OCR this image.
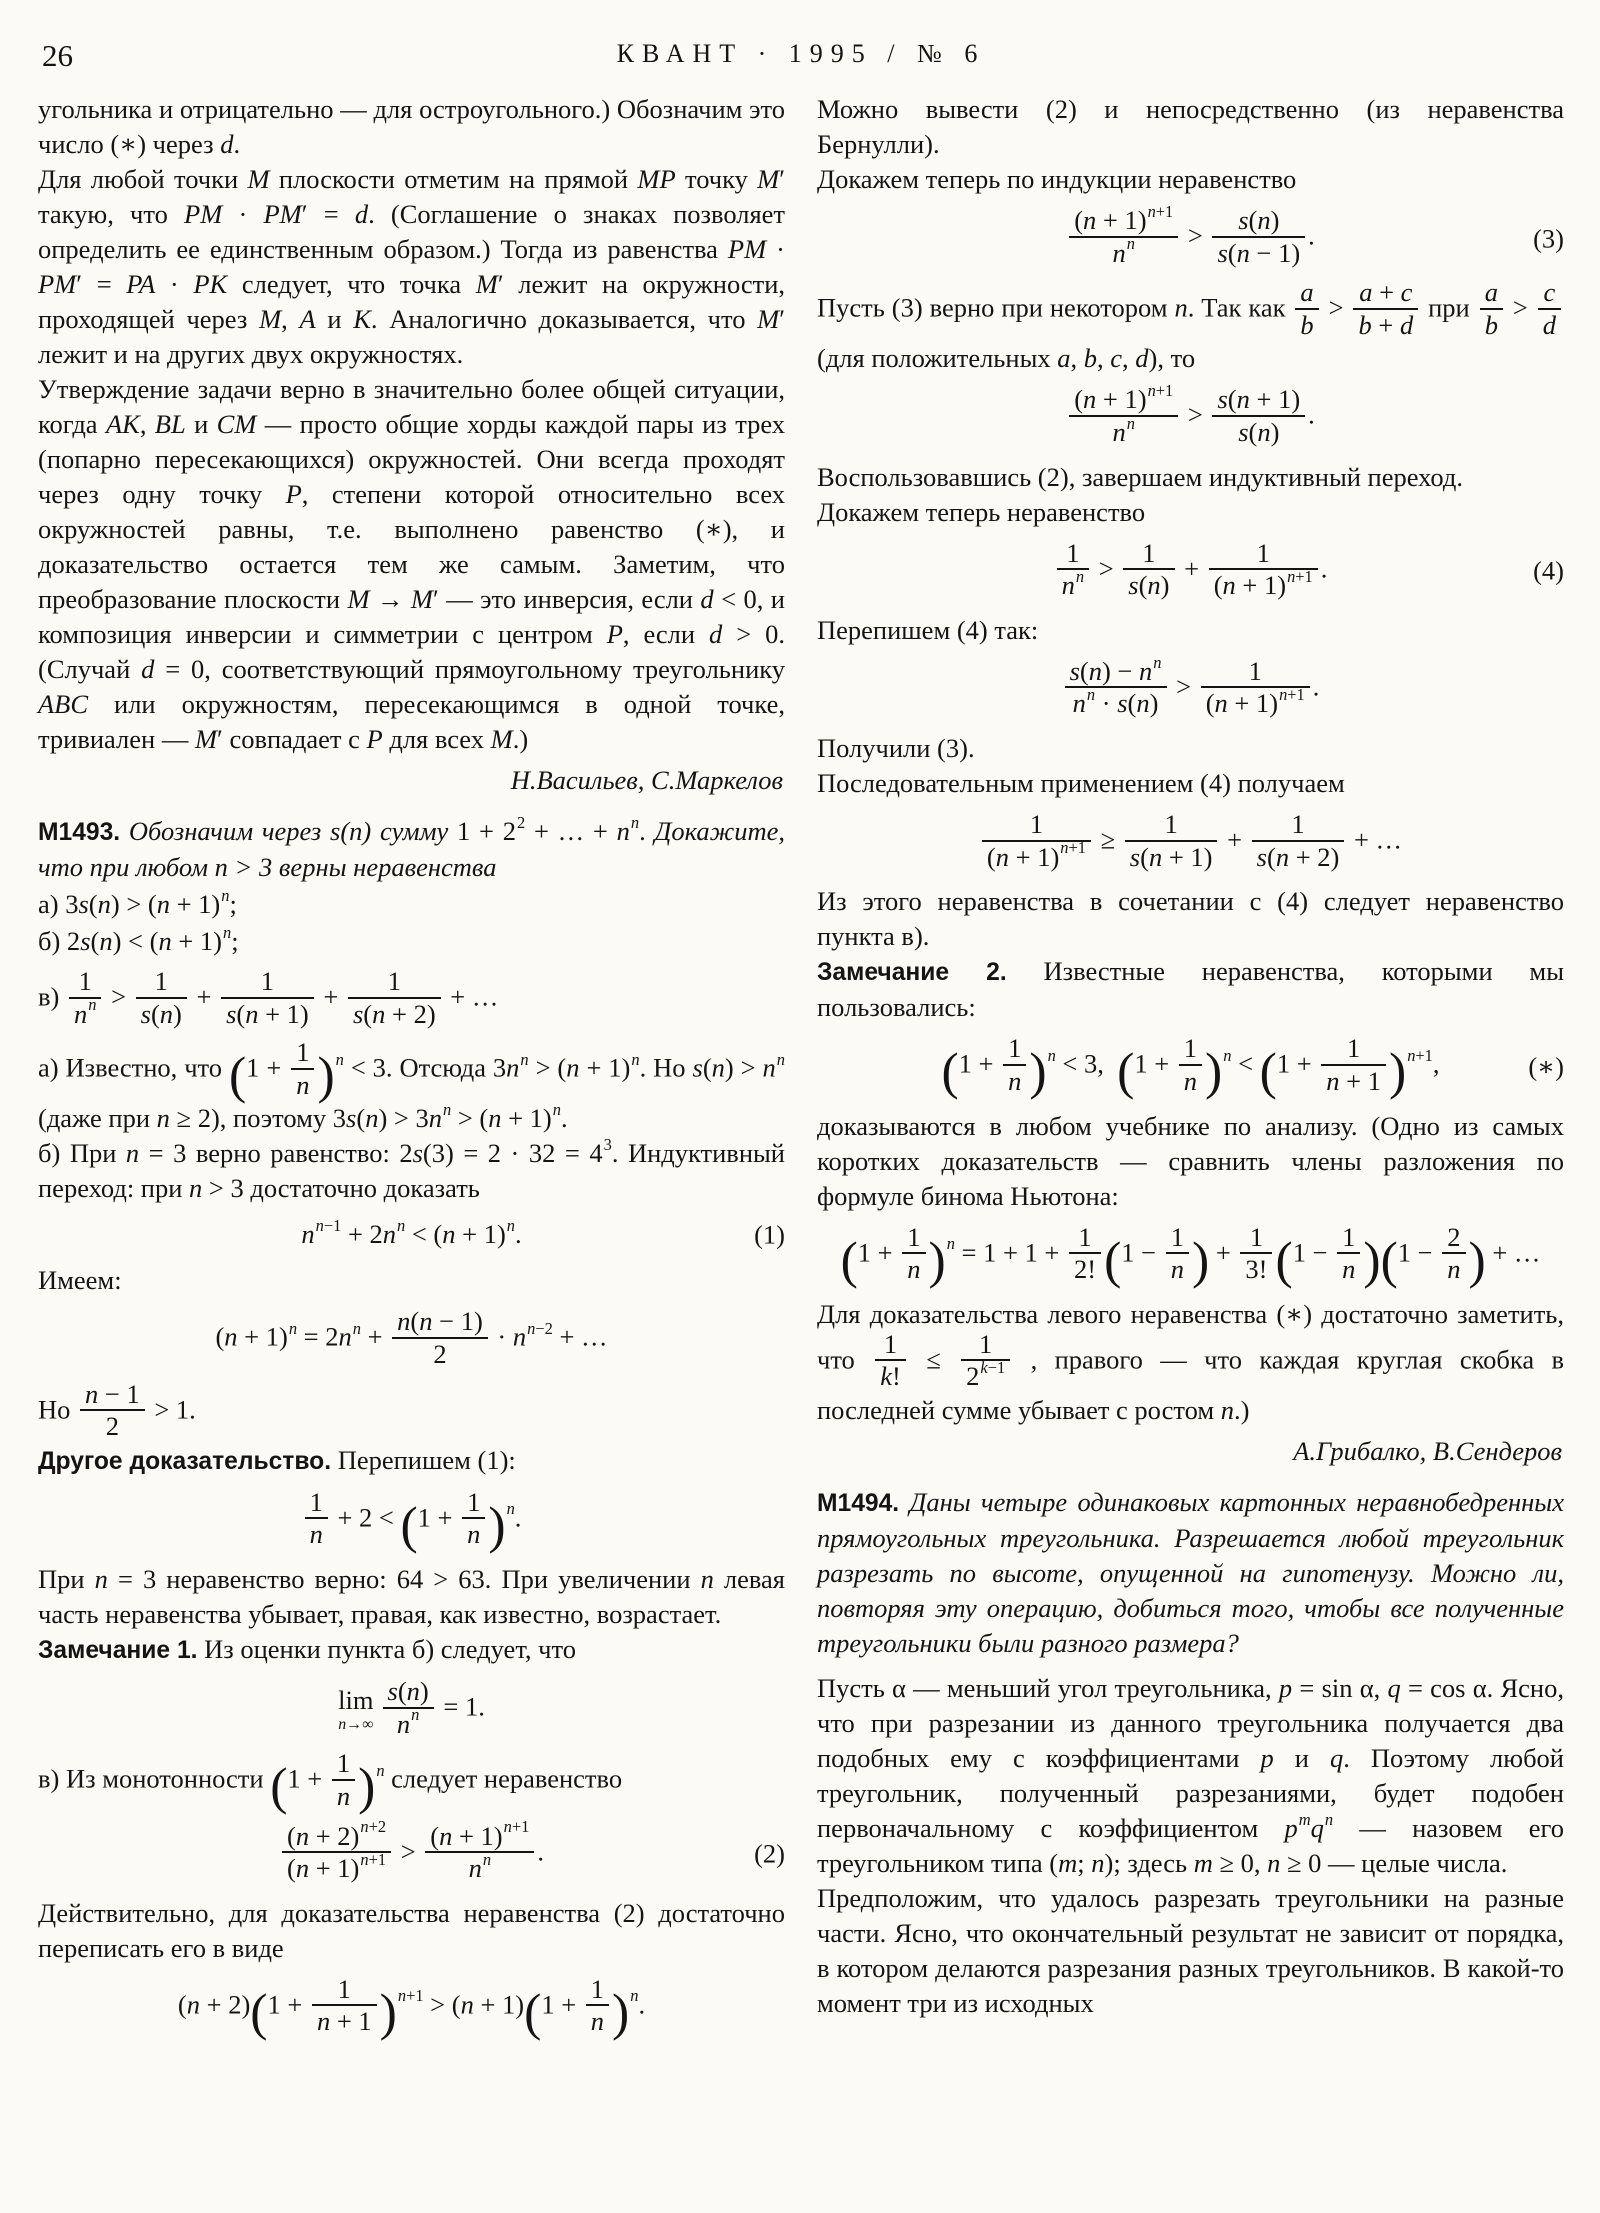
26	КВАНТ · 1995 / № 6

угольника и отрицательно — для остроугольного.) Обозначим это число (∗) через d.

Для любой точки M плоскости отметим на прямой MP точку M′ такую, что PM · PM′ = d. (Соглашение о знаках позволяет определить ее единственным образом.) Тогда из равенства PM · PM′ = PA · PK следует, что точка M′ лежит на окружности, проходящей через M, A и K. Аналогично доказывается, что M′ лежит и на других двух окружностях.

Утверждение задачи верно в значительно более общей ситуации, когда AK, BL и CM — просто общие хорды каждой пары из трех (попарно пересекающихся) окружностей. Они всегда проходят через одну точку P, степени которой относительно всех окружностей равны, т.е. выполнено равенство (∗), и доказательство остается тем же самым. Заметим, что преобразование плоскости M → M′ — это инверсия, если d < 0, и композиция инверсии и симметрии с центром P, если d > 0. (Случай d = 0, соответствующий прямоугольному треугольнику ABC или окружностям, пересекающимся в одной точке, тривиален — M′ совпадает с P для всех M.)

Н.Васильев, С.Маркелов

М1493. Обозначим через s(n) сумму $1 + 2^2$ + … + $n^n$. Докажите, что при любом n > 3 верны неравенства

а) $3s(n) > (n + 1)^n$;

б) $2s(n) < (n + 1)^n$;

$в) \frac{1}{n^n} > \frac{1}{s(n)} + \frac{1}{s(n + 1)} + \frac{1}{s(n + 2)}$ + …

а) Известно, что $(1 + \frac{1}{n} )^n < 3$. Отсюда $3n^n > (n + 1)^n$. Но $s(n) > n^n$ (даже при n ≥ 2), поэтому $3s(n) > 3n^n > (n + 1)^n$.

б) При n = 3 верно равенство: $2s(3) = 2 \cdot 32 = 4^3$. Индуктивный переход: при n > 3 достаточно доказать

$n^{n-1} + 2n^n < (n + 1)^n$.	(1)

Имеем:

$(n + 1)^n = 2n^n + \frac{n(n - 1)}{2} \cdot n^{n-2}$ + …

Но $\frac{n - 1}{2} > 1$.

Другое доказательство. Перепишем (1):

$\frac{1}{n} + 2 < (1 + \frac{1}{n} )^n$.

При n = 3 неравенство верно: 64 > 63. При увеличении n левая часть неравенства убывает, правая, как известно, возрастает.

Замечание 1. Из оценки пункта б) следует, что

lim
$n\to\infty \frac{s(n)}{n^n} = 1$.

в) Из монотонности $(1 + \frac{1}{n} )^n$ следует неравенство

$\frac{(n + 2)^{n+2}}{(n + 1)^{n+1}} > \frac{(n + 1)^{n+1}}{n^n}$ .	(2)

Действительно, для доказательства неравенства (2) достаточно переписать его в виде

$(n + 2)(1 + \frac{1}{n + 1} )^{n+1} > (n + 1)(1 + \frac{1}{n} )^n$.

Можно вывести (2) и непосредственно (из неравенства Бернулли).

Докажем теперь по индукции неравенство

$\frac{(n + 1)^{n+1}}{n^n} > \frac{s(n)}{s(n - 1)}$ .	(3)

Пусть (3) верно при некотором n. Так как $\frac{a}{b} > \frac{a + c}{b + d}$ при $\frac{a}{b} > \frac{c}{d}$
(для положительных a, b, c, d), то

$\frac{(n + 1)^{n+1}}{n^n} > \frac{s(n + 1)}{s(n)}$ .

Воспользовавшись (2), завершаем индуктивный переход.

Докажем теперь неравенство

$\frac{1}{n^n} > \frac{1}{s(n)} + \frac{1}{(n + 1)^{n+1}}$ .	(4)

Перепишем (4) так:

$\frac{s(n) - n^n}{n^n \cdot s(n)} > \frac{1}{(n + 1)^{n+1}}$ .

Получили (3).

Последовательным применением (4) получаем

$\frac{1}{(n + 1)^{n+1}} \ge \frac{1}{s(n + 1)} + \frac{1}{s(n + 2)}$ + …

Из этого неравенства в сочетании с (4) следует неравенство пункта в).

Замечание 2. Известные неравенства, которыми мы пользовались:

$(1 + \frac{1}{n} )^n < 3$,  $(1 + \frac{1}{n} )^n < (1 + \frac{1}{n + 1} )^{n+1}$,	(∗)

доказываются в любом учебнике по анализу. (Одно из самых коротких доказательств — сравнить члены разложения по формуле бинома Ньютона:

$(1 + \frac{1}{n} )^n = 1 + 1 + \frac{1}{2!} (1 - \frac{1}{n}$ ) + $\frac{1}{3!} (1 - \frac{1}{n} )(1 - \frac{2}{n}$ ) + …

Для доказательства левого неравенства (∗) достаточно заметить, что $\frac{1}{k!} \le \frac{1}{2^{k-1}}$ , правого — что каждая круглая скобка в последней сумме убывает с ростом n.)

А.Грибалко, В.Сендеров

М1494. Даны четыре одинаковых картонных неравнобедренных прямоугольных треугольника. Разрешается любой треугольник разрезать по высоте, опущенной на гипотенузу. Можно ли, повторяя эту операцию, добиться того, чтобы все полученные треугольники были разного размера?

Пусть α — меньший угол треугольника, p = sin α, q = cos α. Ясно, что при разрезании из данного треугольника получается два подобных ему с коэффициентами p и q. Поэтому любой треугольник, полученный разрезаниями, будет подобен первоначальному с коэффициентом $p^mq^n$ — назовем его треугольником типа (m; n); здесь m ≥ 0, n ≥ 0 — целые числа.

Предположим, что удалось разрезать треугольники на разные части. Ясно, что окончательный результат не зависит от порядка, в котором делаются разрезания разных треугольников. В какой-то момент три из исходных
